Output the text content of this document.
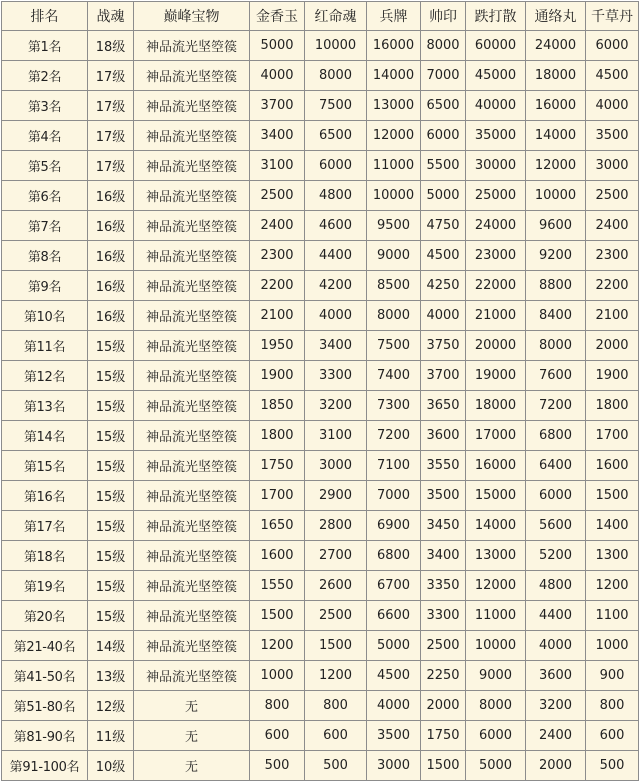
排名	战魂	巅峰宝物	金香玉	红命魂	兵牌	帅印	跌打散	通络丸	千草丹
第1名	18级	神品流光坚箜篌	5000	10000	16000	8000	60000	24000	6000
第2名	17级	神品流光坚箜篌	4000	8000	14000	7000	45000	18000	4500
第3名	17级	神品流光坚箜篌	3700	7500	13000	6500	40000	16000	4000
第4名	17级	神品流光坚箜篌	3400	6500	12000	6000	35000	14000	3500
第5名	17级	神品流光坚箜篌	3100	6000	11000	5500	30000	12000	3000
第6名	16级	神品流光坚箜篌	2500	4800	10000	5000	25000	10000	2500
第7名	16级	神品流光坚箜篌	2400	4600	9500	4750	24000	9600	2400
第8名	16级	神品流光坚箜篌	2300	4400	9000	4500	23000	9200	2300
第9名	16级	神品流光坚箜篌	2200	4200	8500	4250	22000	8800	2200
第10名	16级	神品流光坚箜篌	2100	4000	8000	4000	21000	8400	2100
第11名	15级	神品流光坚箜篌	1950	3400	7500	3750	20000	8000	2000
第12名	15级	神品流光坚箜篌	1900	3300	7400	3700	19000	7600	1900
第13名	15级	神品流光坚箜篌	1850	3200	7300	3650	18000	7200	1800
第14名	15级	神品流光坚箜篌	1800	3100	7200	3600	17000	6800	1700
第15名	15级	神品流光坚箜篌	1750	3000	7100	3550	16000	6400	1600
第16名	15级	神品流光坚箜篌	1700	2900	7000	3500	15000	6000	1500
第17名	15级	神品流光坚箜篌	1650	2800	6900	3450	14000	5600	1400
第18名	15级	神品流光坚箜篌	1600	2700	6800	3400	13000	5200	1300
第19名	15级	神品流光坚箜篌	1550	2600	6700	3350	12000	4800	1200
第20名	15级	神品流光坚箜篌	1500	2500	6600	3300	11000	4400	1100
第21-40名	14级	神品流光坚箜篌	1200	1500	5000	2500	10000	4000	1000
第41-50名	13级	神品流光坚箜篌	1000	1200	4500	2250	9000	3600	900
第51-80名	12级	无	800	800	4000	2000	8000	3200	800
第81-90名	11级	无	600	600	3500	1750	6000	2400	600
第91-100名	10级	无	500	500	3000	1500	5000	2000	500
